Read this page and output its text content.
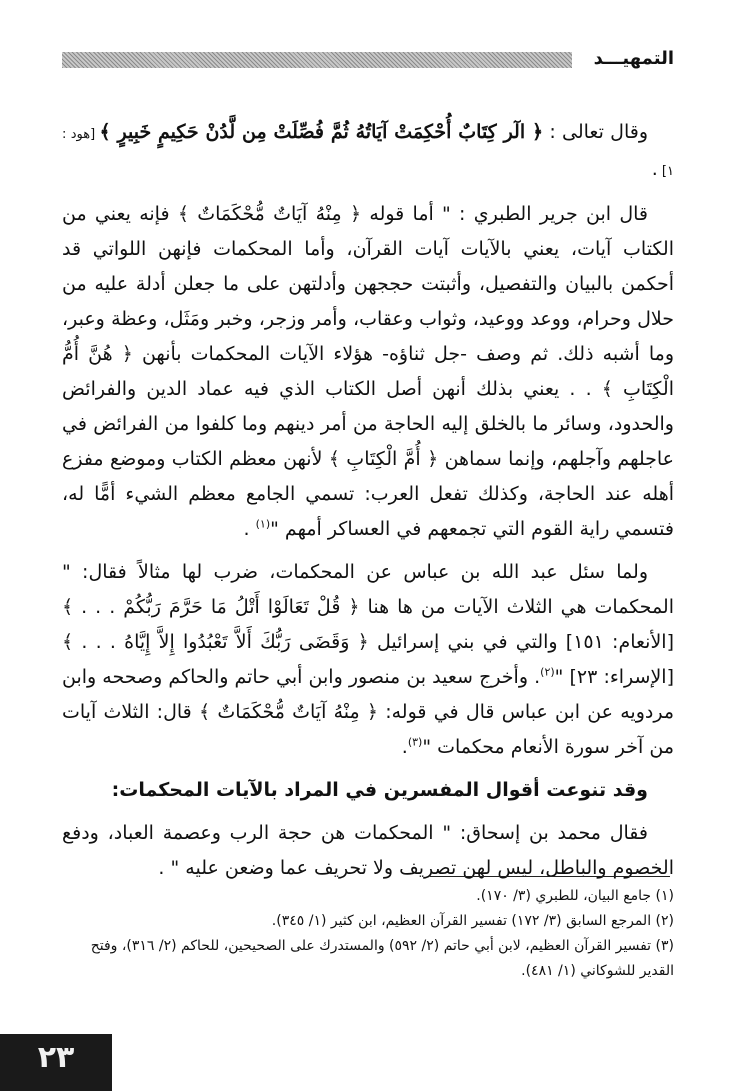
التمهيـــد

وقال تعالى : ﴿ الٓر كِتَابٌ أُحْكِمَتْ آيَاتُهُ ثُمَّ فُصِّلَتْ مِن لَّدُنْ حَكِيمٍ خَبِيرٍ ﴾ [هود : ١] .

قال ابن جرير الطبري : " أما قوله ﴿ مِنْهُ آيَاتٌ مُّحْكَمَاتٌ ﴾ فإنه يعني من الكتاب آيات، يعني بالآيات آيات القرآن، وأما المحكمات فإنهن اللواتي قد أحكمن بالبيان والتفصيل، وأثبتت حججهن وأدلتهن على ما جعلن أدلة عليه من حلال وحرام، ووعد ووعيد، وثواب وعقاب، وأمر وزجر، وخبر ومَثَل، وعظة وعبر، وما أشبه ذلك. ثم وصف -جل ثناؤه- هؤلاء الآيات المحكمات بأنهن ﴿ هُنَّ أُمُّ الْكِتَابِ ﴾ . . يعني بذلك أنهن أصل الكتاب الذي فيه عماد الدين والفرائض والحدود، وسائر ما بالخلق إليه الحاجة من أمر دينهم وما كلفوا من الفرائض في عاجلهم وآجلهم، وإنما سماهن ﴿ أُمَّ الْكِتَابِ ﴾ لأنهن معظم الكتاب وموضع مفزع أهله عند الحاجة، وكذلك تفعل العرب: تسمي الجامع معظم الشيء أمًّا له، فتسمي راية القوم التي تجمعهم في العساكر أمهم "$^{(١)}$ .

ولما سئل عبد الله بن عباس عن المحكمات، ضرب لها مثالاً فقال: " المحكمات هي الثلاث الآيات من ها هنا ﴿ قُلْ تَعَالَوْا أَتْلُ مَا حَرَّمَ رَبُّكُمْ . . . ﴾ [الأنعام: ١٥١] والتي في بني إسرائيل ﴿ وَقَضَى رَبُّكَ أَلاَّ تَعْبُدُوا إِلاَّ إِيَّاهُ . . . ﴾ [الإسراء: ٢٣] "$^{(٢)}$. وأخرج سعيد بن منصور وابن أبي حاتم والحاكم وصححه وابن مردويه عن ابن عباس قال في قوله: ﴿ مِنْهُ آيَاتٌ مُّحْكَمَاتٌ ﴾ قال: الثلاث آيات من آخر سورة الأنعام محكمات "$^{(٣)}$.

وقد تنوعت أقوال المفسرين في المراد بالآيات المحكمات:

فقال محمد بن إسحاق: " المحكمات هن حجة الرب وعصمة العباد، ودفع الخصوم والباطل، ليس لهن تصريف ولا تحريف عما وضعن عليه " .

(١) جامع البيان، للطبري (٣/ ١٧٠).

(٢) المرجع السابق (٣/ ١٧٢) تفسير القرآن العظيم، ابن كثير (١/ ٣٤٥).

(٣) تفسير القرآن العظيم، لابن أبي حاتم (٢/ ٥٩٢) والمستدرك على الصحيحين، للحاكم (٢/ ٣١٦)، وفتح القدير للشوكاني (١/ ٤٨١).

٢٣
